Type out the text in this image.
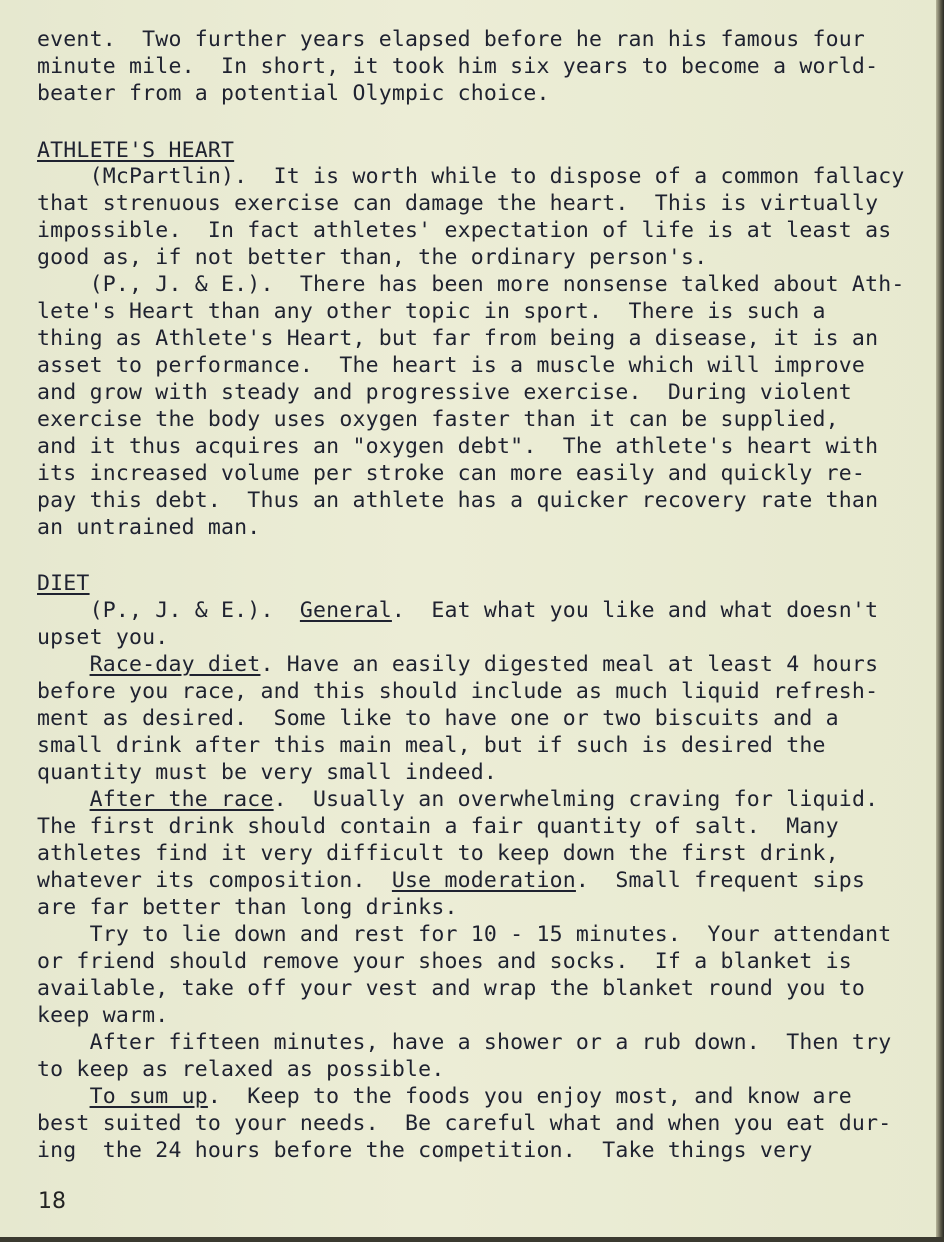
event.  Two further years elapsed before he ran his famous four
minute mile.  In short, it took him six years to become a world-
beater from a potential Olympic choice.
ATHLETE'S HEART
(McPartlin).  It is worth while to dispose of a common fallacy
that strenuous exercise can damage the heart.  This is virtually
impossible.  In fact athletes' expectation of life is at least as
good as, if not better than, the ordinary person's.
(P., J. & E.).  There has been more nonsense talked about Ath-
lete's Heart than any other topic in sport.  There is such a
thing as Athlete's Heart, but far from being a disease, it is an
asset to performance.  The heart is a muscle which will improve
and grow with steady and progressive exercise.  During violent
exercise the body uses oxygen faster than it can be supplied,
and it thus acquires an "oxygen debt".  The athlete's heart with
its increased volume per stroke can more easily and quickly re-
pay this debt.  Thus an athlete has a quicker recovery rate than
an untrained man.
DIET
(P., J. & E.).  General.  Eat what you like and what doesn't
upset you.
Race-day diet. Have an easily digested meal at least 4 hours
before you race, and this should include as much liquid refresh-
ment as desired.  Some like to have one or two biscuits and a
small drink after this main meal, but if such is desired the
quantity must be very small indeed.
After the race.  Usually an overwhelming craving for liquid.
The first drink should contain a fair quantity of salt.  Many
athletes find it very difficult to keep down the first drink,
whatever its composition.  Use moderation.  Small frequent sips
are far better than long drinks.
Try to lie down and rest for 10 - 15 minutes.  Your attendant
or friend should remove your shoes and socks.  If a blanket is
available, take off your vest and wrap the blanket round you to
keep warm.
After fifteen minutes, have a shower or a rub down.  Then try
to keep as relaxed as possible.
To sum up.  Keep to the foods you enjoy most, and know are
best suited to your needs.  Be careful what and when you eat dur-
ing  the 24 hours before the competition.  Take things very
18
